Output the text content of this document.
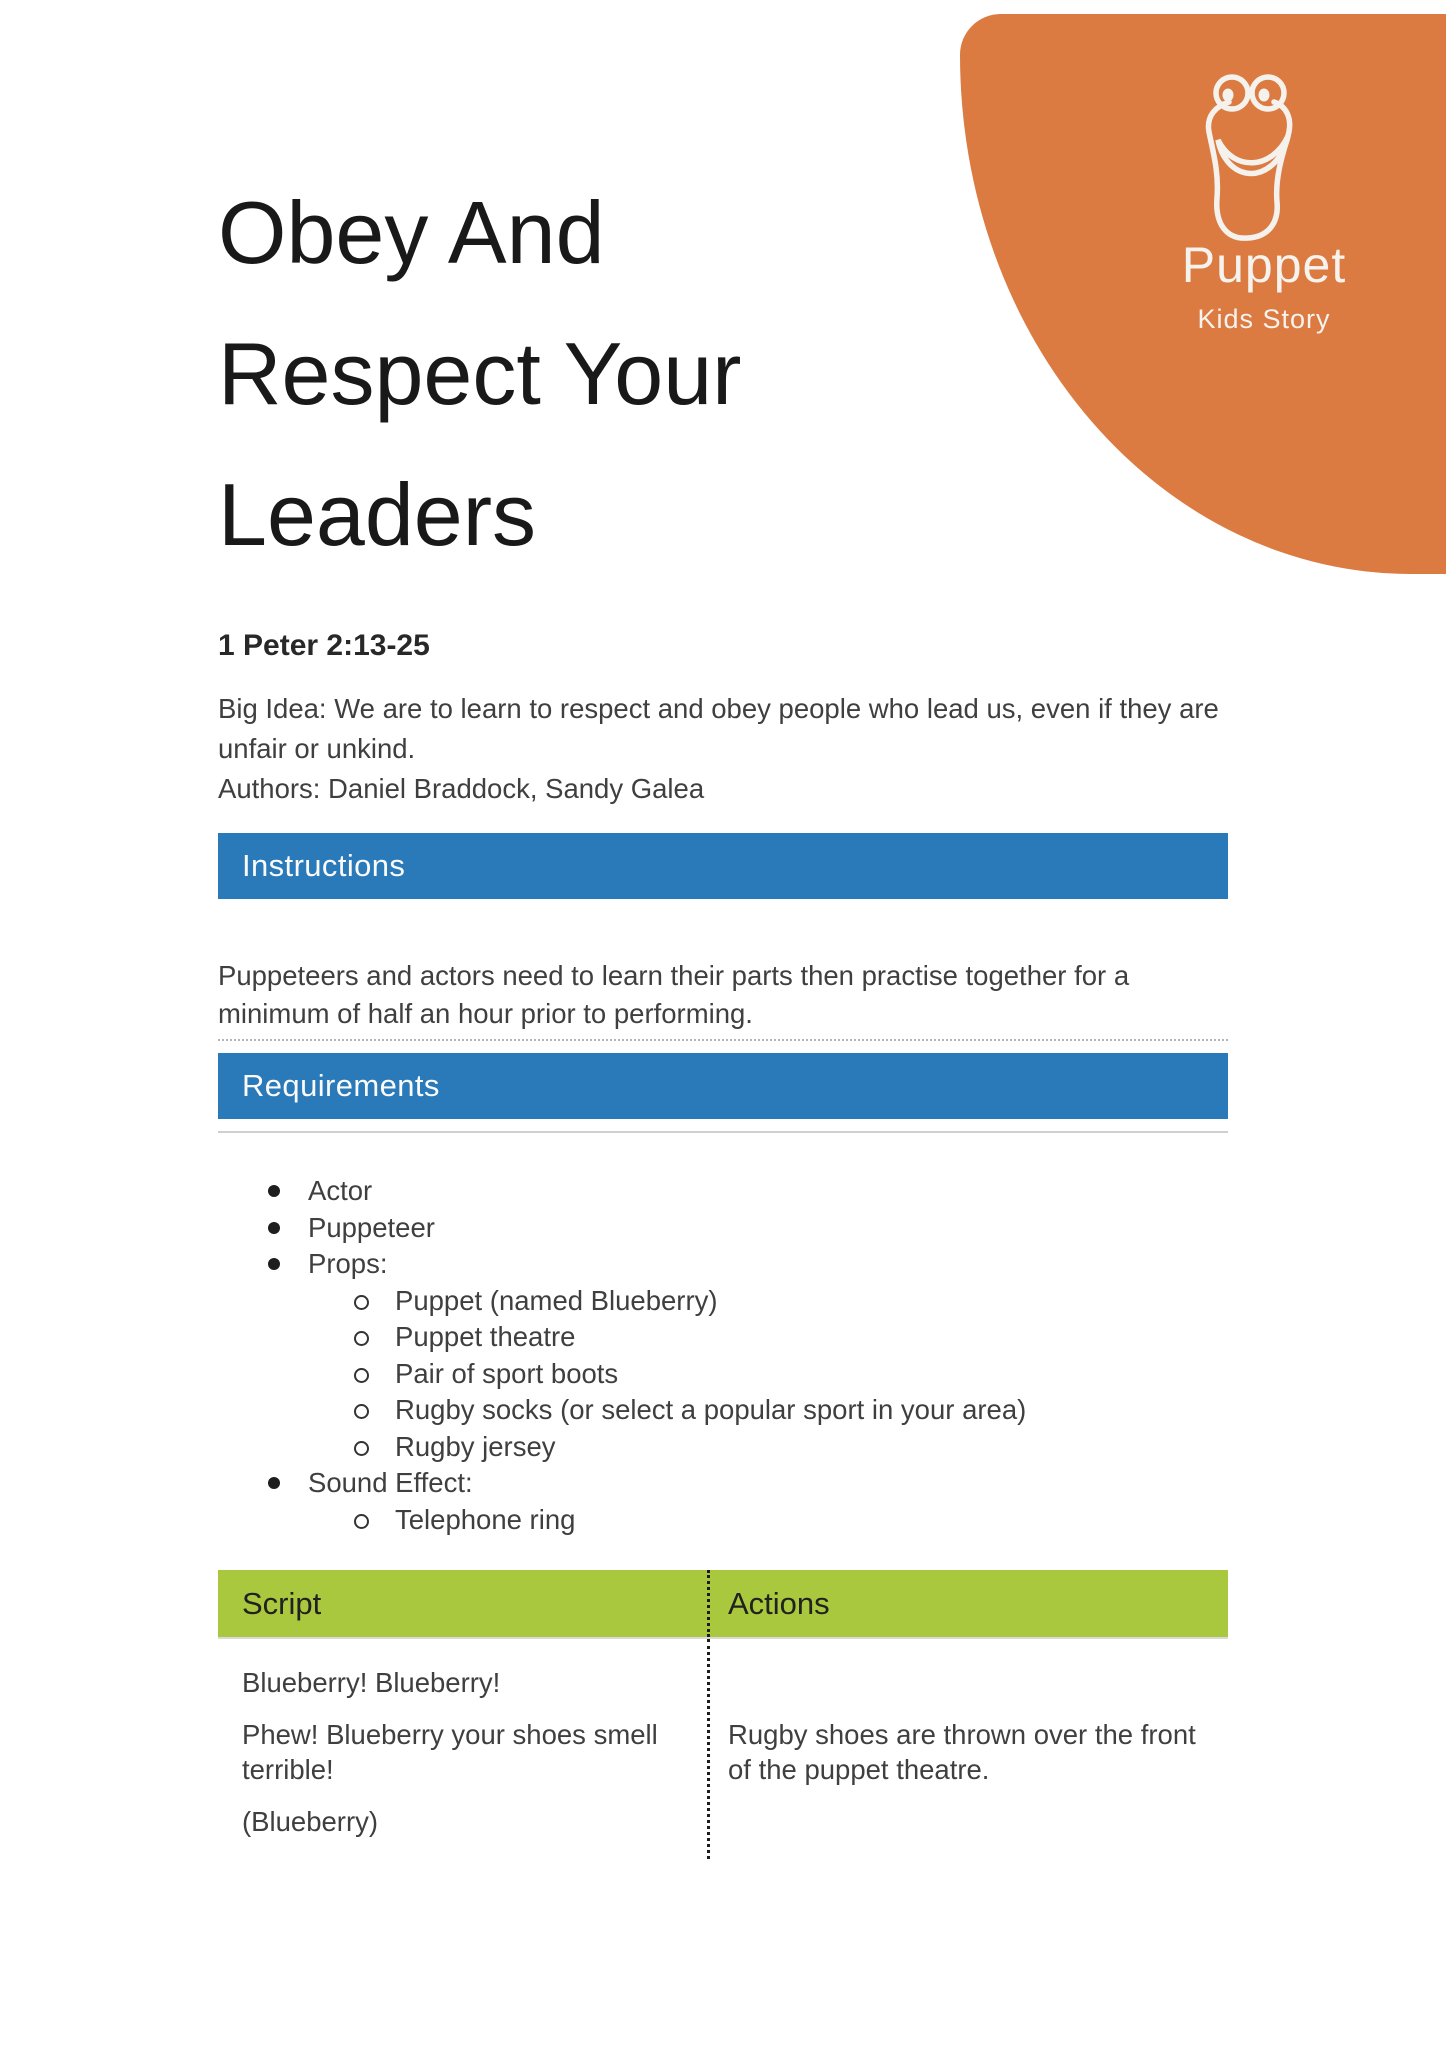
Puppet
Kids Story
Obey And
Respect Your
Leaders
1 Peter 2:13-25

Big Idea: We are to learn to respect and obey people who lead us, even if they are unfair or unkind.

Authors: Daniel Braddock, Sandy Galea

Instructions

Puppeteers and actors need to learn their parts then practise together for a minimum of half an hour prior to performing.

Requirements
Actor
Puppeteer
Props:
Puppet (named Blueberry)
Puppet theatre
Pair of sport boots
Rugby socks (or select a popular sport in your area)
Rugby jersey
Sound Effect:
Telephone ring
Script	Actions

Blueberry! Blueberry!

Phew! Blueberry your shoes smell terrible!

(Blueberry)

Rugby shoes are thrown over the front of the puppet theatre.
